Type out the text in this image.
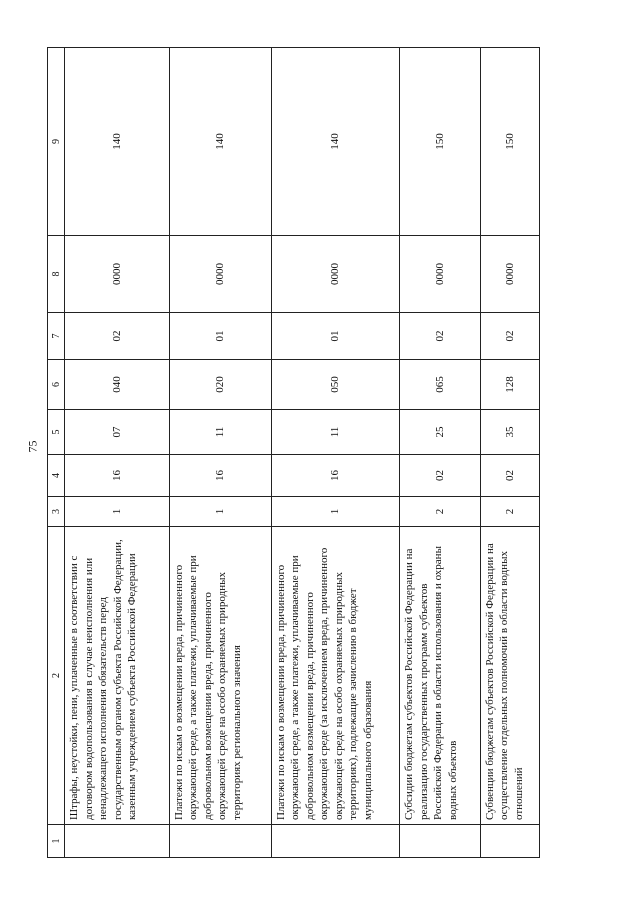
75
1	2	3	4	5	6	7	8	9
	Штрафы, неустойки, пени, уплаченные в соответствии с договором водопользования в случае неисполнения или ненадлежащего исполнения обязательств перед государственным органом субъекта Российской Федерации, казенным учреждением субъекта Российской Федерации	1	16	07	040	02	0000	140
	Платежи по искам о возмещении вреда, причиненного окружающей среде, а также платежи, уплачиваемые при добровольном возмещении вреда, причиненного окружающей среде на особо охраняемых природных территориях регионального значения	1	16	11	020	01	0000	140
	Платежи по искам о возмещении вреда, причиненного окружающей среде, а также платежи, уплачиваемые при добровольном возмещении вреда, причиненного окружающей среде (за исключением вреда, причиненного окружающей среде на особо охраняемых природных территориях), подлежащие зачислению в бюджет муниципального образования	1	16	11	050	01	0000	140
	Субсидии бюджетам субъектов Российской Федерации на реализацию государственных программ субъектов Российской Федерации в области использования и охраны водных объектов	2	02	25	065	02	0000	150
	Субвенции бюджетам субъектов Российской Федерации на осуществление отдельных полномочий в области водных отношений	2	02	35	128	02	0000	150
